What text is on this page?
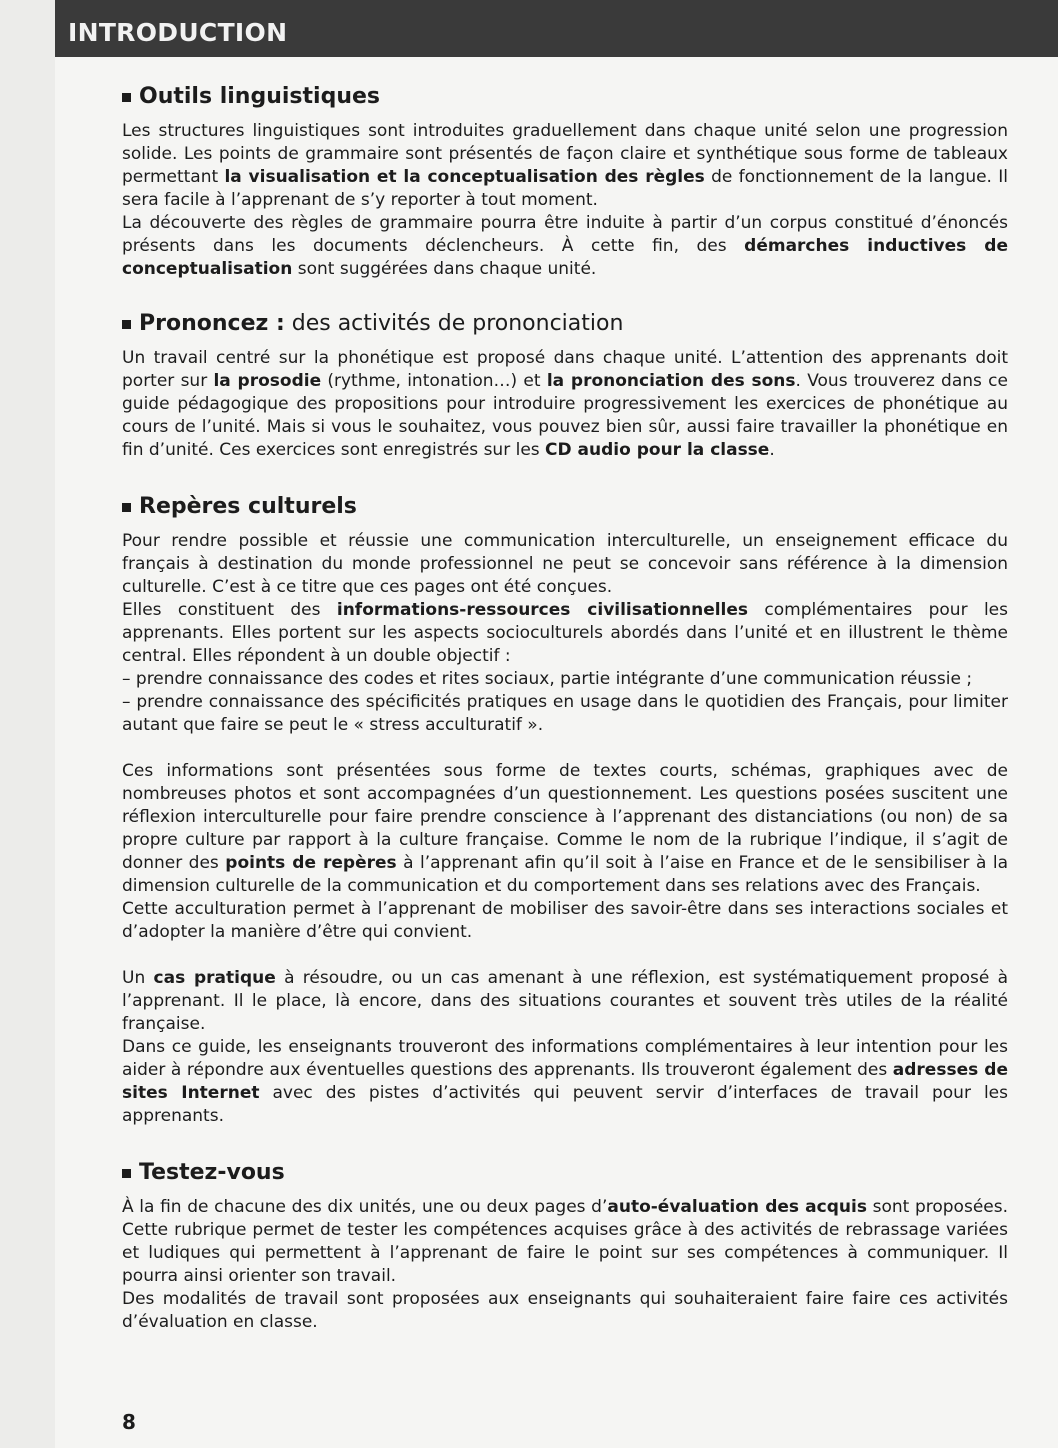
INTRODUCTION
Outils linguistiques

Les structures linguistiques sont introduites graduellement dans chaque unité selon une progression solide. Les points de grammaire sont présentés de façon claire et synthétique sous forme de tableaux permettant la visualisation et la conceptualisation des règles de fonctionnement de la langue. Il sera facile à l’apprenant de s’y reporter à tout moment.

La découverte des règles de grammaire pourra être induite à partir d’un corpus constitué d’énoncés présents dans les documents déclencheurs. À cette fin, des démarches inductives de conceptualisation sont suggérées dans chaque unité.

Prononcez : des activités de prononciation

Un travail centré sur la phonétique est proposé dans chaque unité. L’attention des apprenants doit porter sur la prosodie (rythme, intonation…) et la prononciation des sons. Vous trouverez dans ce guide pédagogique des propositions pour introduire progressivement les exercices de phonétique au cours de l’unité. Mais si vous le souhaitez, vous pouvez bien sûr, aussi faire travailler la phonétique en fin d’unité. Ces exercices sont enregistrés sur les CD audio pour la classe.

Repères culturels

Pour rendre possible et réussie une communication interculturelle, un enseignement efficace du français à destination du monde professionnel ne peut se concevoir sans référence à la dimension culturelle. C’est à ce titre que ces pages ont été conçues.

Elles constituent des informations-ressources civilisationnelles complémentaires pour les apprenants. Elles portent sur les aspects socioculturels abordés dans l’unité et en illustrent le thème central. Elles répondent à un double objectif :

– prendre connaissance des codes et rites sociaux, partie intégrante d’une communication réussie ;

– prendre connaissance des spécificités pratiques en usage dans le quotidien des Français, pour limiter autant que faire se peut le « stress acculturatif ».

Ces informations sont présentées sous forme de textes courts, schémas, graphiques avec de nombreuses photos et sont accompagnées d’un questionnement. Les questions posées suscitent une réflexion interculturelle pour faire prendre conscience à l’apprenant des distanciations (ou non) de sa propre culture par rapport à la culture française. Comme le nom de la rubrique l’indique, il s’agit de donner des points de repères à l’apprenant afin qu’il soit à l’aise en France et de le sensibiliser à la dimension culturelle de la communication et du comportement dans ses relations avec des Français.

Cette acculturation permet à l’apprenant de mobiliser des savoir-être dans ses interactions sociales et d’adopter la manière d’être qui convient.

Un cas pratique à résoudre, ou un cas amenant à une réflexion, est systématiquement proposé à l’apprenant. Il le place, là encore, dans des situations courantes et souvent très utiles de la réalité française.

Dans ce guide, les enseignants trouveront des informations complémentaires à leur intention pour les aider à répondre aux éventuelles questions des apprenants. Ils trouveront également des adresses de sites Internet avec des pistes d’activités qui peuvent servir d’interfaces de travail pour les apprenants.

Testez-vous

À la fin de chacune des dix unités, une ou deux pages d’auto-évaluation des acquis sont proposées. Cette rubrique permet de tester les compétences acquises grâce à des activités de rebrassage variées et ludiques qui permettent à l’apprenant de faire le point sur ses compétences à communiquer. Il pourra ainsi orienter son travail.

Des modalités de travail sont proposées aux enseignants qui souhaiteraient faire faire ces activités d’évaluation en classe.

8
